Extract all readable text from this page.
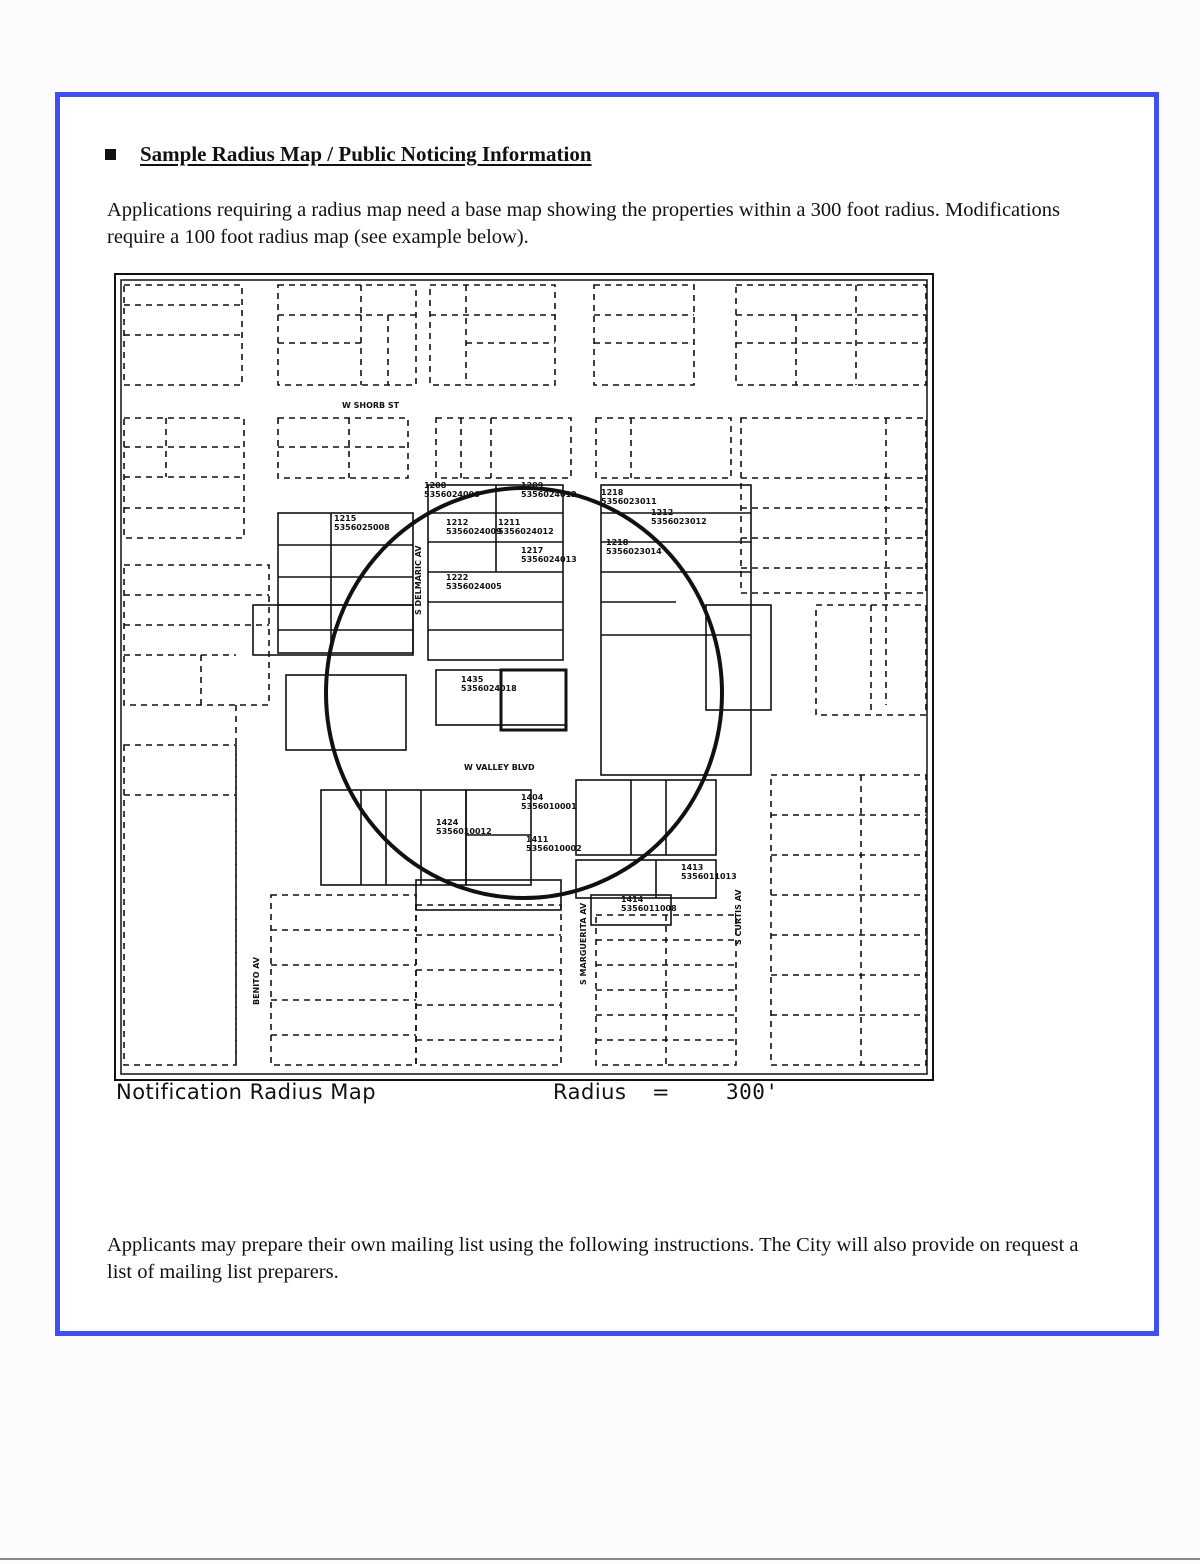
Sample Radius Map / Public Noticing Information
Applications requiring a radius map need a base map showing the properties within a 300 foot radius. Modifications require a 100 foot radius map (see example below).
W SHORB ST
W VALLEY BLVD
BENITO AV
S DELMARIC AV
S MARGUERITA AV	S CURTIS AV
1208
5356024006
1209
5356024012
1215
5356025008
1212
5356024009
1211
5356024012
1217
5356024013
1222
5356024005
1218
5356023011
1212
5356023012
1218
5356023014
1435
5356024018
1404
5356010001
1424
5356010012
1411
5356010002
1413
5356011013
1414
5356011008
Notification Radius Map	Radius =	300'
Applicants may prepare their own mailing list using the following instructions. The City will also provide on request a list of mailing list preparers.
